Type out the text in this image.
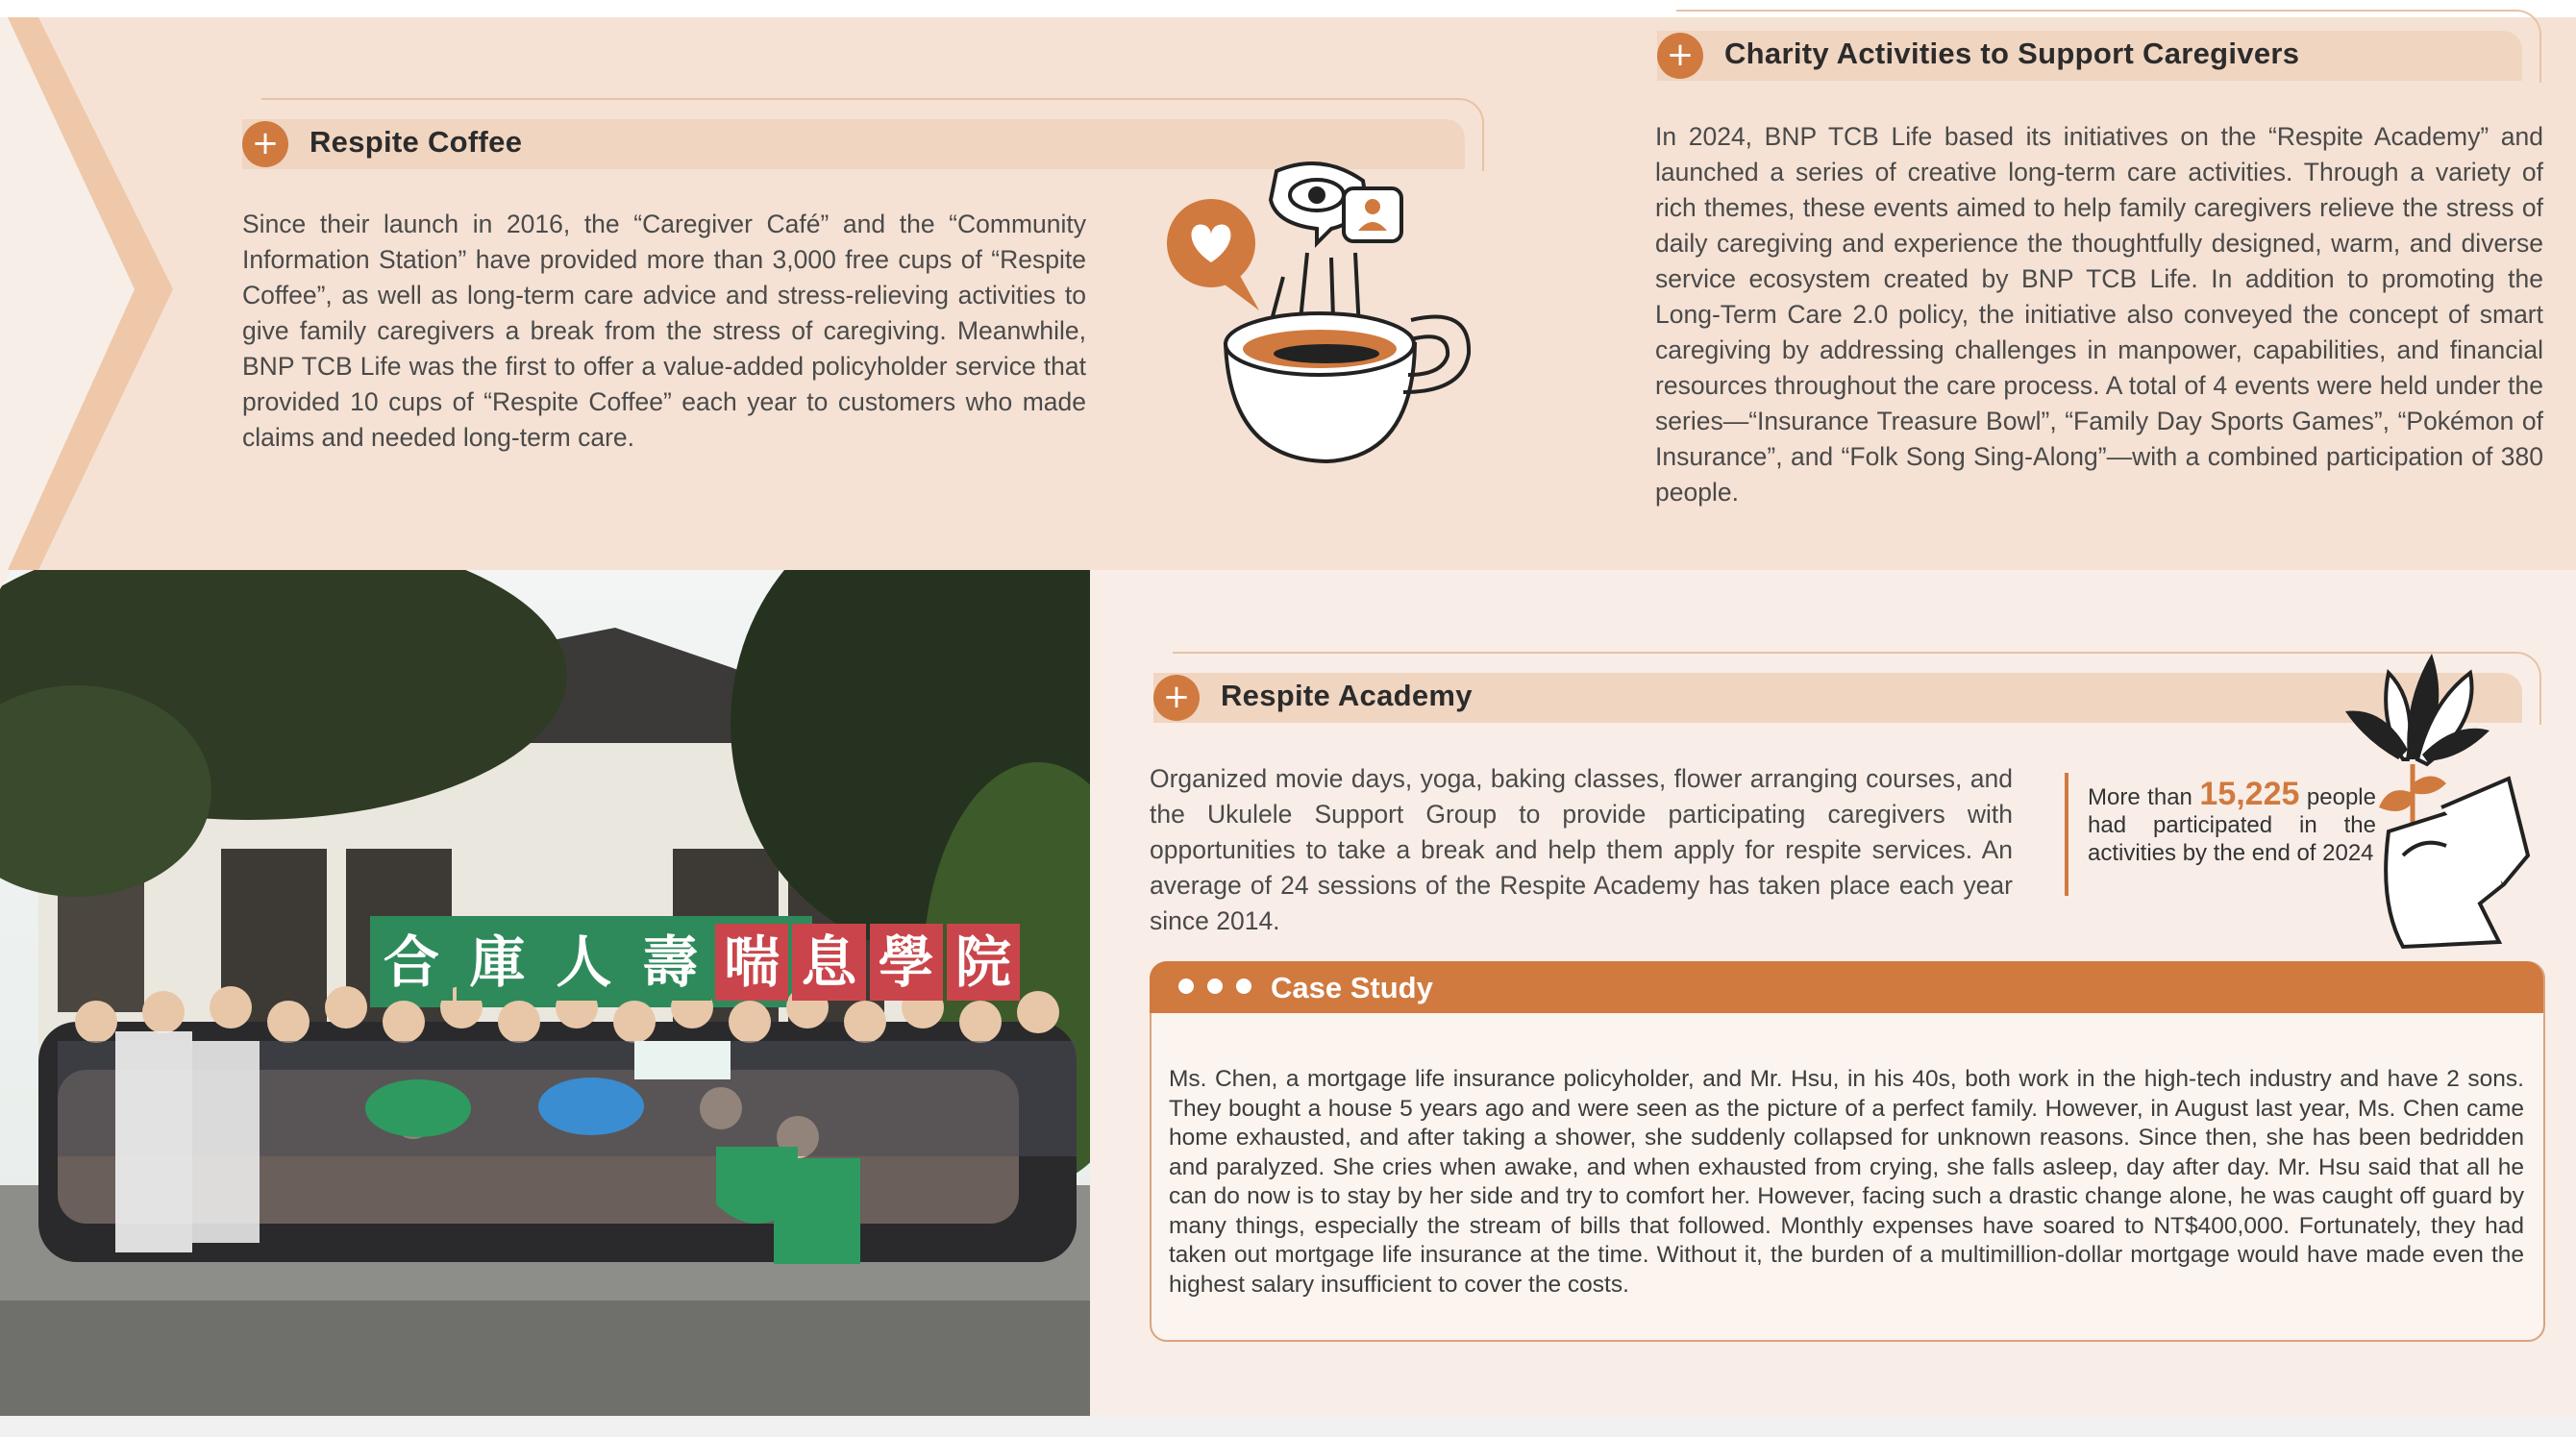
+	Respite Coffee
Since their launch in 2016, the “Caregiver Café” and the “Community Information Station” have provided more than 3,000 free cups of “Respite Coffee”, as well as long-term care advice and stress-relieving activities to give family caregivers a break from the stress of caregiving. Meanwhile, BNP TCB Life was the first to offer a value-added policyholder service that provided 10 cups of “Respite Coffee” each year to customers who made claims and needed long-term care.
+	Charity Activities to Support Caregivers
In 2024, BNP TCB Life based its initiatives on the “Respite Academy” and launched a series of creative long-term care activities. Through a variety of rich themes, these events aimed to help family caregivers relieve the stress of daily caregiving and experience the thoughtfully designed, warm, and diverse service ecosystem created by BNP TCB Life. In addition to promoting the Long-Term Care 2.0 policy, the initiative also conveyed the concept of smart caregiving by addressing challenges in manpower, capabilities, and financial resources throughout the care process. A total of 4 events were held under the series—“Insurance Treasure Bowl”, “Family Day Sports Games”, “Pokémon of Insurance”, and “Folk Song Sing-Along”—with a combined participation of 380 people.
合 庫 人 壽 喘 息 學 院
+	Respite Academy
Organized movie days, yoga, baking classes, flower arranging courses, and the Ukulele Support Group to provide participating caregivers with opportunities to take a break and help them apply for respite services. An average of 24 sessions of the Respite Academy has taken place each year since 2014.
More than 15,225 people had participated in the activities by the end of 2024
Case Study
Ms. Chen, a mortgage life insurance policyholder, and Mr. Hsu, in his 40s, both work in the high-tech industry and have 2 sons. They bought a house 5 years ago and were seen as the picture of a perfect family. However, in August last year, Ms. Chen came home exhausted, and after taking a shower, she suddenly collapsed for unknown reasons. Since then, she has been bedridden and paralyzed. She cries when awake, and when exhausted from crying, she falls asleep, day after day. Mr. Hsu said that all he can do now is to stay by her side and try to comfort her. However, facing such a drastic change alone, he was caught off guard by many things, especially the stream of bills that followed. Monthly expenses have soared to NT$400,000. Fortunately, they had taken out mortgage life insurance at the time. Without it, the burden of a multimillion-dollar mortgage would have made even the highest salary insufficient to cover the costs.
